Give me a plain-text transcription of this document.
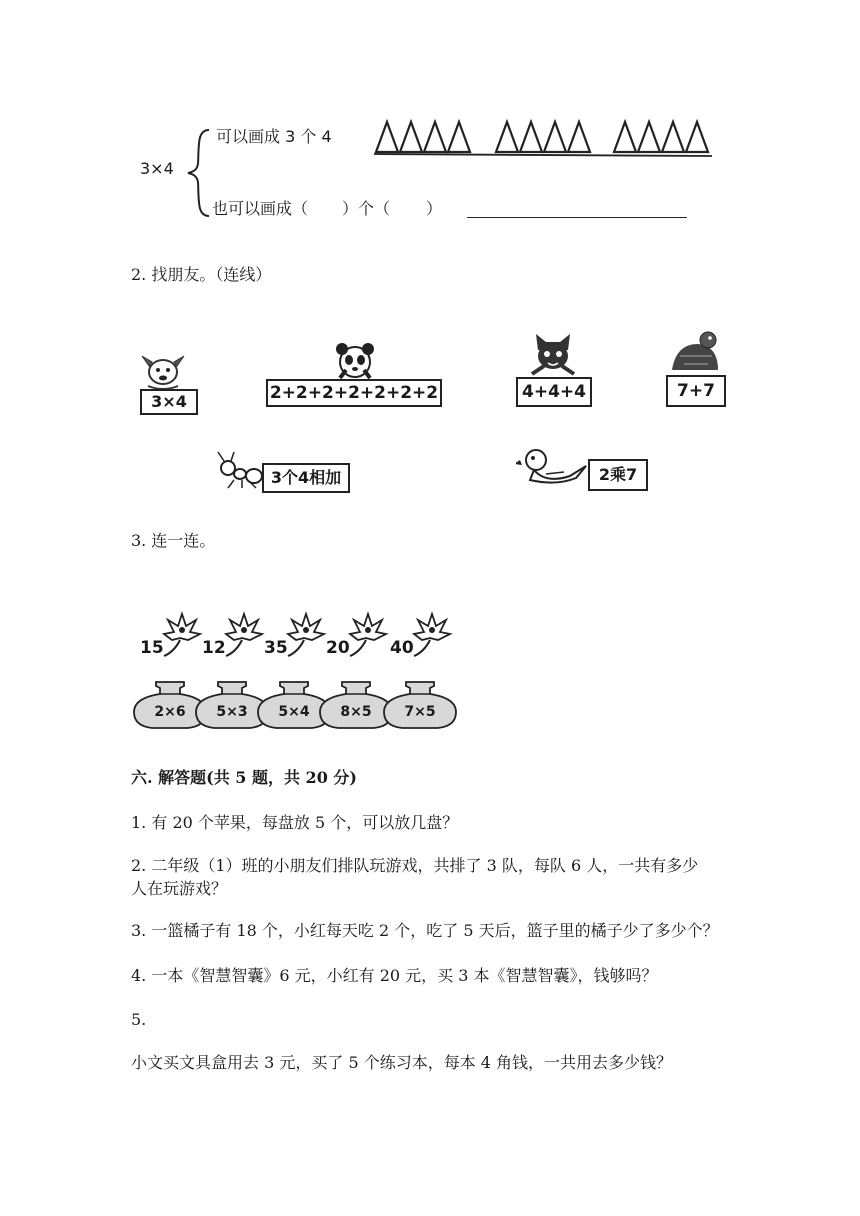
3×4
可以画成 3 个 4
也可以画成（ ）个（ ）
2. 找朋友。（连线）
3×4	2+2+2+2+2+2+2	4+4+4	7+7
3个4相加	2乘7
3. 连一连。
15 12 35 20 40
2×6	5×3	5×4	8×5	7×5
六. 解答题(共 5 题，共 20 分)
1. 有 20 个苹果，每盘放 5 个，可以放几盘？
2. 二年级（1）班的小朋友们排队玩游戏，共排了 3 队，每队 6 人，一共有多少
人在玩游戏？
3. 一篮橘子有 18 个，小红每天吃 2 个，吃了 5 天后，篮子里的橘子少了多少个？
4. 一本《智慧智囊》6 元，小红有 20 元，买 3 本《智慧智囊》，钱够吗？
5.
小文买文具盒用去 3 元，买了 5 个练习本，每本 4 角钱，一共用去多少钱？
